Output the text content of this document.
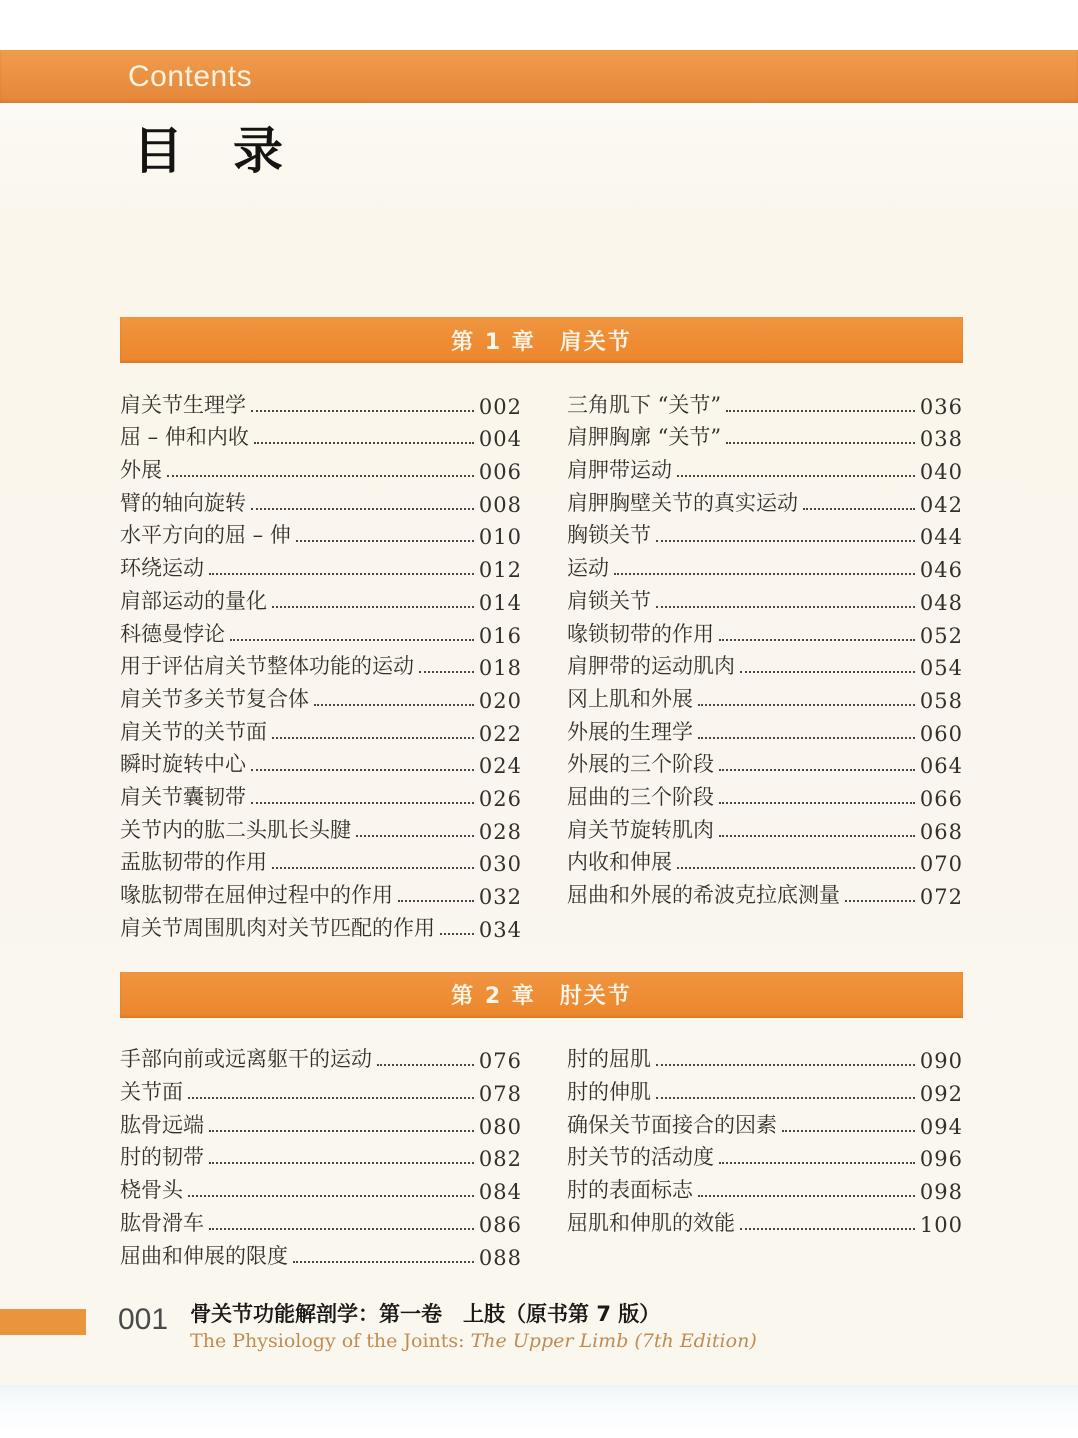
Contents
目　录
第 1 章　肩关节
肩关节生理学	002
屈 – 伸和内收	004
外展	006
臂的轴向旋转	008
水平方向的屈 – 伸	010
环绕运动	012
肩部运动的量化	014
科德曼悖论	016
用于评估肩关节整体功能的运动	018
肩关节多关节复合体	020
肩关节的关节面	022
瞬时旋转中心	024
肩关节囊韧带	026
关节内的肱二头肌长头腱	028
盂肱韧带的作用	030
喙肱韧带在屈伸过程中的作用	032
肩关节周围肌肉对关节匹配的作用 034
三角肌下 “关节”	036
肩胛胸廓 “关节”	038
肩胛带运动	040
肩胛胸壁关节的真实运动	042
胸锁关节	044
运动	046
肩锁关节	048
喙锁韧带的作用	052
肩胛带的运动肌肉	054
冈上肌和外展	058
外展的生理学	060
外展的三个阶段	064
屈曲的三个阶段	066
肩关节旋转肌肉	068
内收和伸展	070
屈曲和外展的希波克拉底测量	072
第 2 章　肘关节
手部向前或远离躯干的运动	076
关节面	078
肱骨远端	080
肘的韧带	082
桡骨头	084
肱骨滑车	086
屈曲和伸展的限度	088
肘的屈肌	090
肘的伸肌	092
确保关节面接合的因素	094
肘关节的活动度	096
肘的表面标志	098
屈肌和伸肌的效能	100
001 骨关节功能解剖学：第一卷　上肢（原书第 7 版）
The Physiology of the Joints: The Upper Limb (7th Edition)
